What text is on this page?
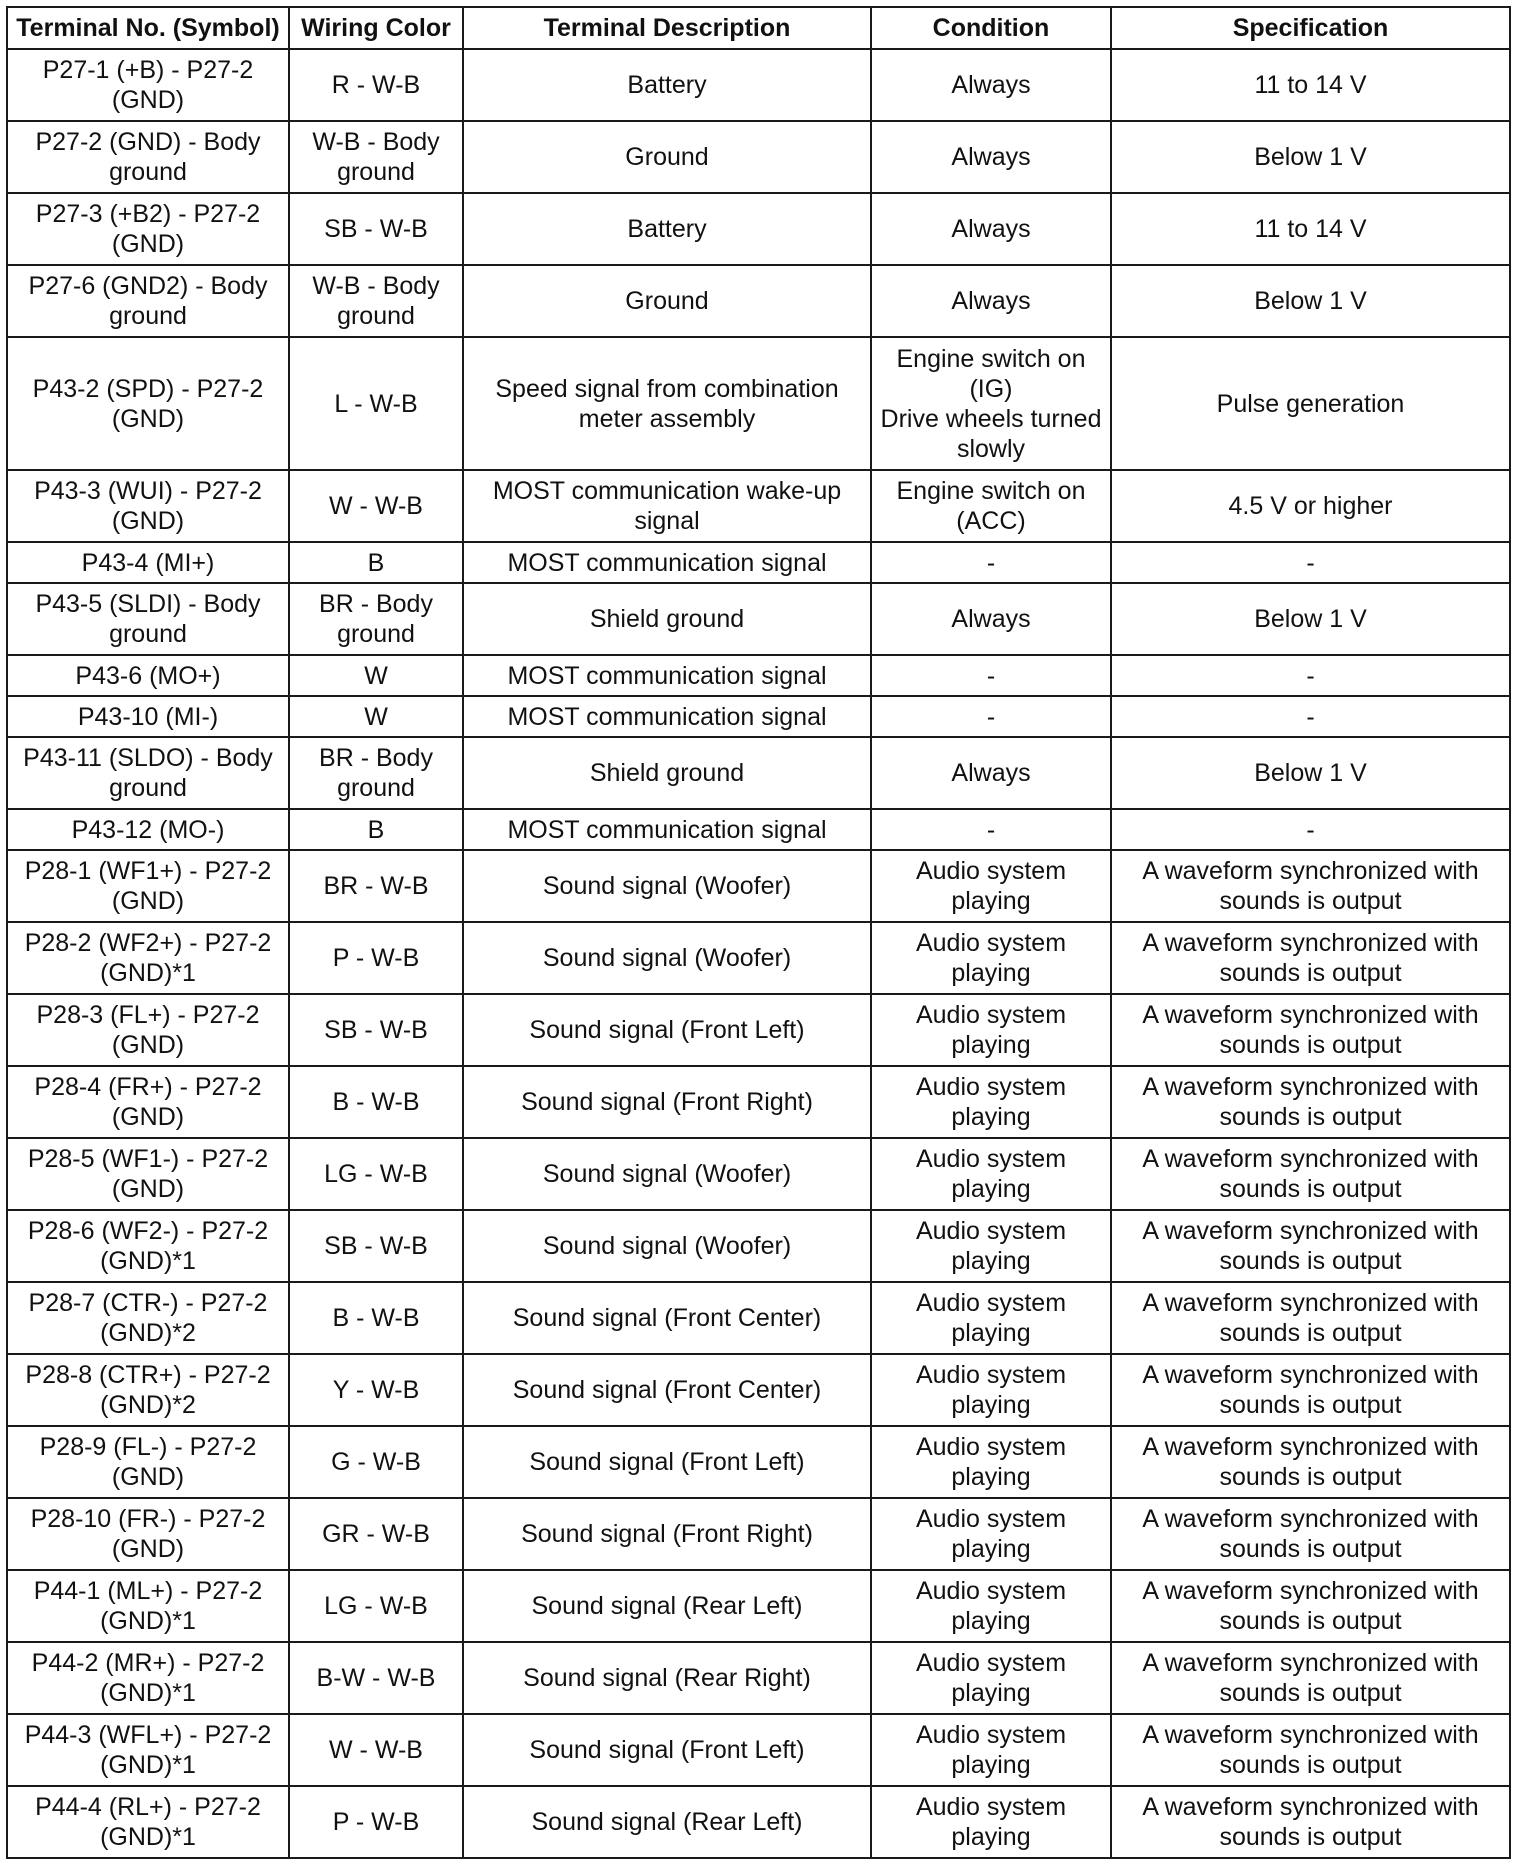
Terminal No. (Symbol)	Wiring Color	Terminal Description	Condition	Specification
P27-1 (+B) - P27-2
(GND)	R - W-B	Battery	Always	11 to 14 V
P27-2 (GND) - Body
ground	W-B - Body
ground	Ground	Always	Below 1 V
P27-3 (+B2) - P27-2
(GND)	SB - W-B	Battery	Always	11 to 14 V
P27-6 (GND2) - Body
ground	W-B - Body
ground	Ground	Always	Below 1 V
P43-2 (SPD) - P27-2
(GND)	L - W-B	Speed signal from combination
meter assembly	Engine switch on
(IG)
Drive wheels turned
slowly	Pulse generation
P43-3 (WUI) - P27-2
(GND)	W - W-B	MOST communication wake-up
signal	Engine switch on
(ACC)	4.5 V or higher
P43-4 (MI+)	B	MOST communication signal	-	-
P43-5 (SLDI) - Body
ground	BR - Body
ground	Shield ground	Always	Below 1 V
P43-6 (MO+)	W	MOST communication signal	-	-
P43-10 (MI-)	W	MOST communication signal	-	-
P43-11 (SLDO) - Body
ground	BR - Body
ground	Shield ground	Always	Below 1 V
P43-12 (MO-)	B	MOST communication signal	-	-
P28-1 (WF1+) - P27-2
(GND)	BR - W-B	Sound signal (Woofer)	Audio system
playing	A waveform synchronized with
sounds is output
P28-2 (WF2+) - P27-2
(GND)*1	P - W-B	Sound signal (Woofer)	Audio system
playing	A waveform synchronized with
sounds is output
P28-3 (FL+) - P27-2
(GND)	SB - W-B	Sound signal (Front Left)	Audio system
playing	A waveform synchronized with
sounds is output
P28-4 (FR+) - P27-2
(GND)	B - W-B	Sound signal (Front Right)	Audio system
playing	A waveform synchronized with
sounds is output
P28-5 (WF1-) - P27-2
(GND)	LG - W-B	Sound signal (Woofer)	Audio system
playing	A waveform synchronized with
sounds is output
P28-6 (WF2-) - P27-2
(GND)*1	SB - W-B	Sound signal (Woofer)	Audio system
playing	A waveform synchronized with
sounds is output
P28-7 (CTR-) - P27-2
(GND)*2	B - W-B	Sound signal (Front Center)	Audio system
playing	A waveform synchronized with
sounds is output
P28-8 (CTR+) - P27-2
(GND)*2	Y - W-B	Sound signal (Front Center)	Audio system
playing	A waveform synchronized with
sounds is output
P28-9 (FL-) - P27-2
(GND)	G - W-B	Sound signal (Front Left)	Audio system
playing	A waveform synchronized with
sounds is output
P28-10 (FR-) - P27-2
(GND)	GR - W-B	Sound signal (Front Right)	Audio system
playing	A waveform synchronized with
sounds is output
P44-1 (ML+) - P27-2
(GND)*1	LG - W-B	Sound signal (Rear Left)	Audio system
playing	A waveform synchronized with
sounds is output
P44-2 (MR+) - P27-2
(GND)*1	B-W - W-B	Sound signal (Rear Right)	Audio system
playing	A waveform synchronized with
sounds is output
P44-3 (WFL+) - P27-2
(GND)*1	W - W-B	Sound signal (Front Left)	Audio system
playing	A waveform synchronized with
sounds is output
P44-4 (RL+) - P27-2
(GND)*1	P - W-B	Sound signal (Rear Left)	Audio system
playing	A waveform synchronized with
sounds is output
